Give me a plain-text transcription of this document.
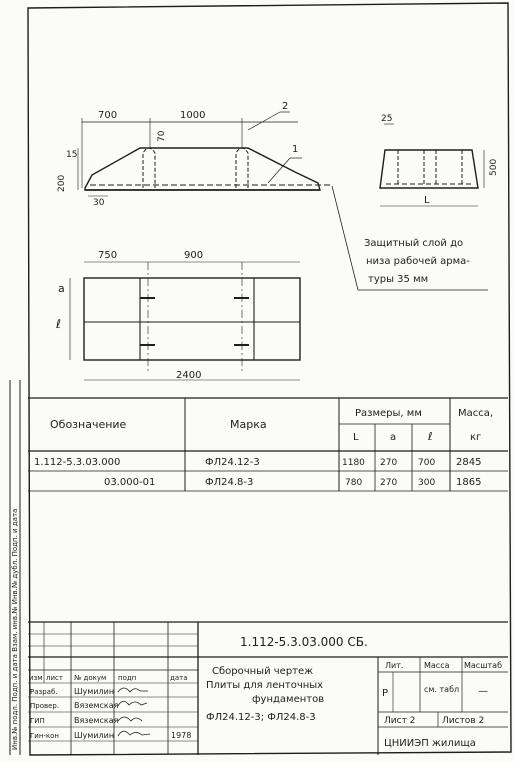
Инв.№ подл. Подп. и дата Взам. инв.№ Инв.№ дубл. Подп. и дата
700	1000
70
15
200
30
2
1
25
500
L
Защитный слой до
низа рабочей арма-
туры 35 мм
750	900
a
ℓ
2400
Обозначение	Марка
Размеры, мм	Масса,
кг
L	a	ℓ
1.112-5.3.03.000	ФЛ24.12-3	1180 270 700 2845
03.000-01	ФЛ24.8-3	780 270 300 1865
1.112-5.3.03.000 СБ.
изм лист № докум подп	дата
Разраб. Шумилин
Провер. Вяземская
ГИП	Вяземская
Гин-кон Шумилин	1978
Сборочный чертеж
Плиты для ленточных
фундаментов
ФЛ24.12-3; ФЛ24.8-3
Лит.	Масса Масштаб
Р	см. табл —
Лист 2	Листов 2
ЦНИИЭП жилища
